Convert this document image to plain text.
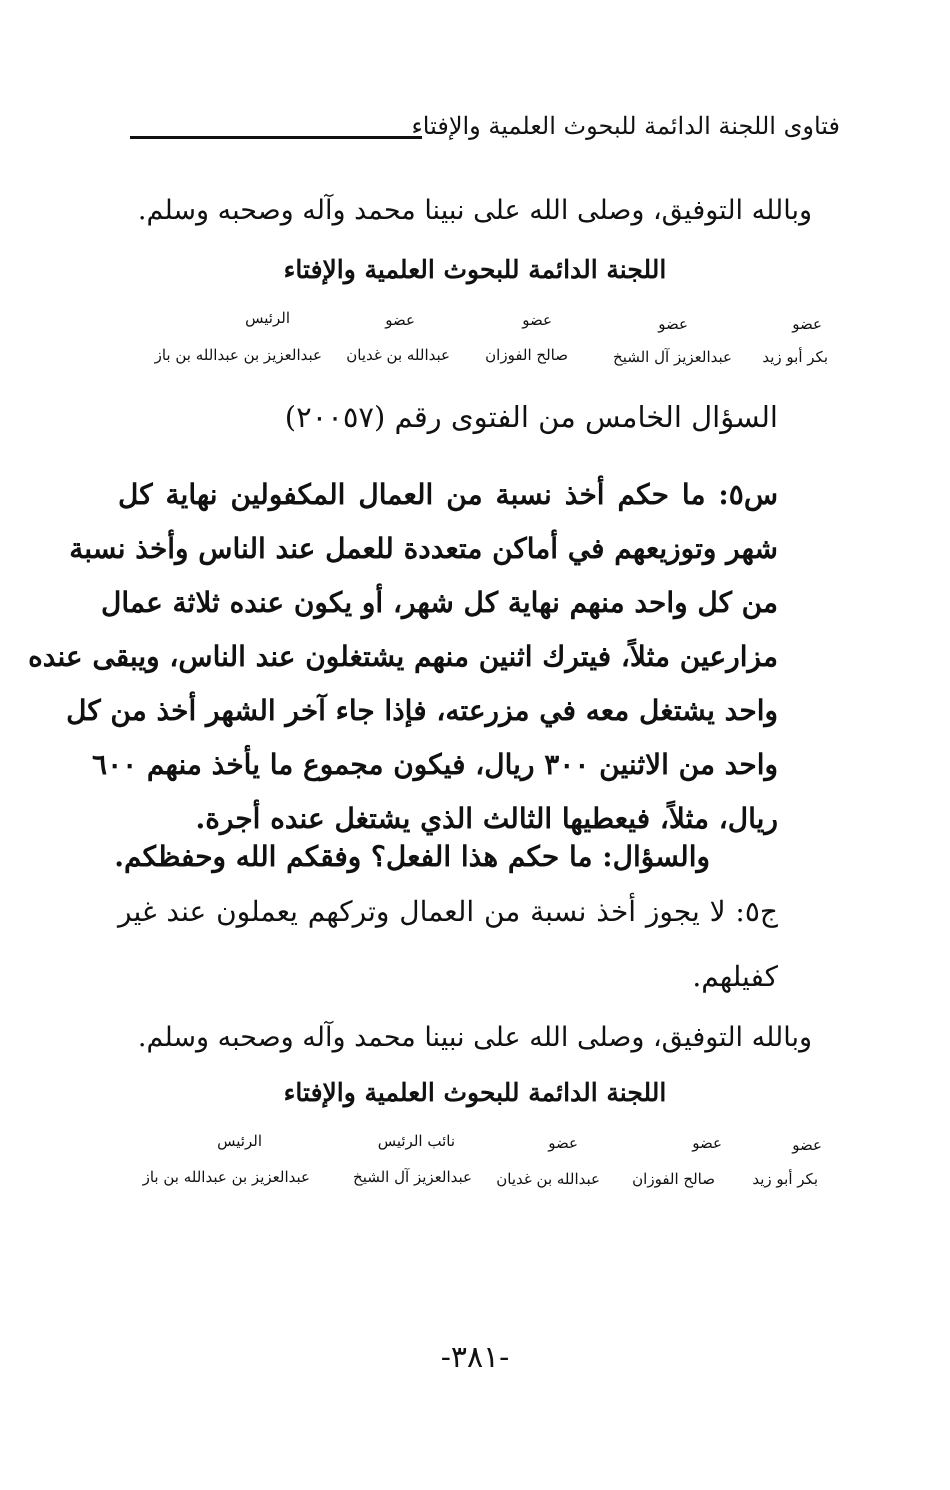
فتاوى اللجنة الدائمة للبحوث العلمية والإفتاء
وبالله التوفيق، وصلى الله على نبينا محمد وآله وصحبه وسلم.
اللجنة الدائمة للبحوث العلمية والإفتاء
عضو
عضو
عضو
عضو
الرئيس
بكر أبو زيد
عبدالعزيز آل الشيخ
صالح الفوزان
عبدالله بن غديان
عبدالعزيز بن عبدالله بن باز
السؤال الخامس من الفتوى رقم (٢٠٠٥٧)
س٥: ما حكم أخذ نسبة من العمال المكفولين نهاية كل
شهر وتوزيعهم في أماكن متعددة للعمل عند الناس وأخذ نسبة
من كل واحد منهم نهاية كل شهر، أو يكون عنده ثلاثة عمال
مزارعين مثلاً، فيترك اثنين منهم يشتغلون عند الناس، ويبقى عنده
واحد يشتغل معه في مزرعته، فإذا جاء آخر الشهر أخذ من كل
واحد من الاثنين ٣٠٠ ريال، فيكون مجموع ما يأخذ منهم ٦٠٠
ريال، مثلاً، فيعطيها الثالث الذي يشتغل عنده أجرة.
والسؤال: ما حكم هذا الفعل؟ وفقكم الله وحفظكم.
ج٥: لا يجوز أخذ نسبة من العمال وتركهم يعملون عند غير
كفيلهم.
وبالله التوفيق، وصلى الله على نبينا محمد وآله وصحبه وسلم.
اللجنة الدائمة للبحوث العلمية والإفتاء
عضو
عضو
عضو
نائب الرئيس
الرئيس
بكر أبو زيد
صالح الفوزان
عبدالله بن غديان
عبدالعزيز آل الشيخ
عبدالعزيز بن عبدالله بن باز
-٣٨١-
